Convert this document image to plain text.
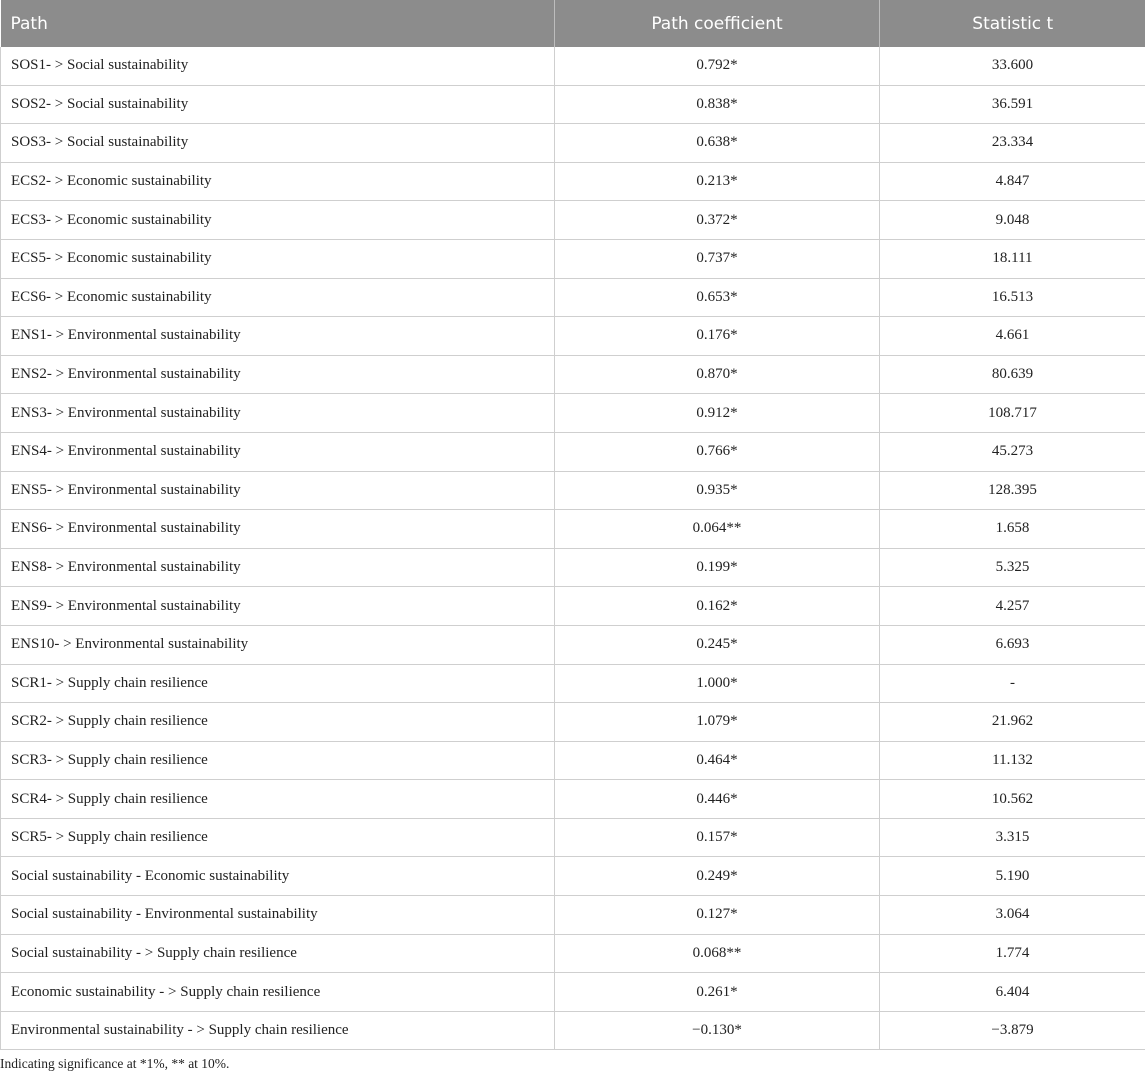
Path	Path coefficient	Statistic t
SOS1- > Social sustainability	0.792*	33.600
SOS2- > Social sustainability	0.838*	36.591
SOS3- > Social sustainability	0.638*	23.334
ECS2- > Economic sustainability	0.213*	4.847
ECS3- > Economic sustainability	0.372*	9.048
ECS5- > Economic sustainability	0.737*	18.111
ECS6- > Economic sustainability	0.653*	16.513
ENS1- > Environmental sustainability	0.176*	4.661
ENS2- > Environmental sustainability	0.870*	80.639
ENS3- > Environmental sustainability	0.912*	108.717
ENS4- > Environmental sustainability	0.766*	45.273
ENS5- > Environmental sustainability	0.935*	128.395
ENS6- > Environmental sustainability	0.064**	1.658
ENS8- > Environmental sustainability	0.199*	5.325
ENS9- > Environmental sustainability	0.162*	4.257
ENS10- > Environmental sustainability	0.245*	6.693
SCR1- > Supply chain resilience	1.000*	-
SCR2- > Supply chain resilience	1.079*	21.962
SCR3- > Supply chain resilience	0.464*	11.132
SCR4- > Supply chain resilience	0.446*	10.562
SCR5- > Supply chain resilience	0.157*	3.315
Social sustainability - Economic sustainability	0.249*	5.190
Social sustainability - Environmental sustainability	0.127*	3.064
Social sustainability - > Supply chain resilience	0.068**	1.774
Economic sustainability - > Supply chain resilience	0.261*	6.404
Environmental sustainability - > Supply chain resilience	−0.130*	−3.879
Indicating significance at *1%, ** at 10%.
